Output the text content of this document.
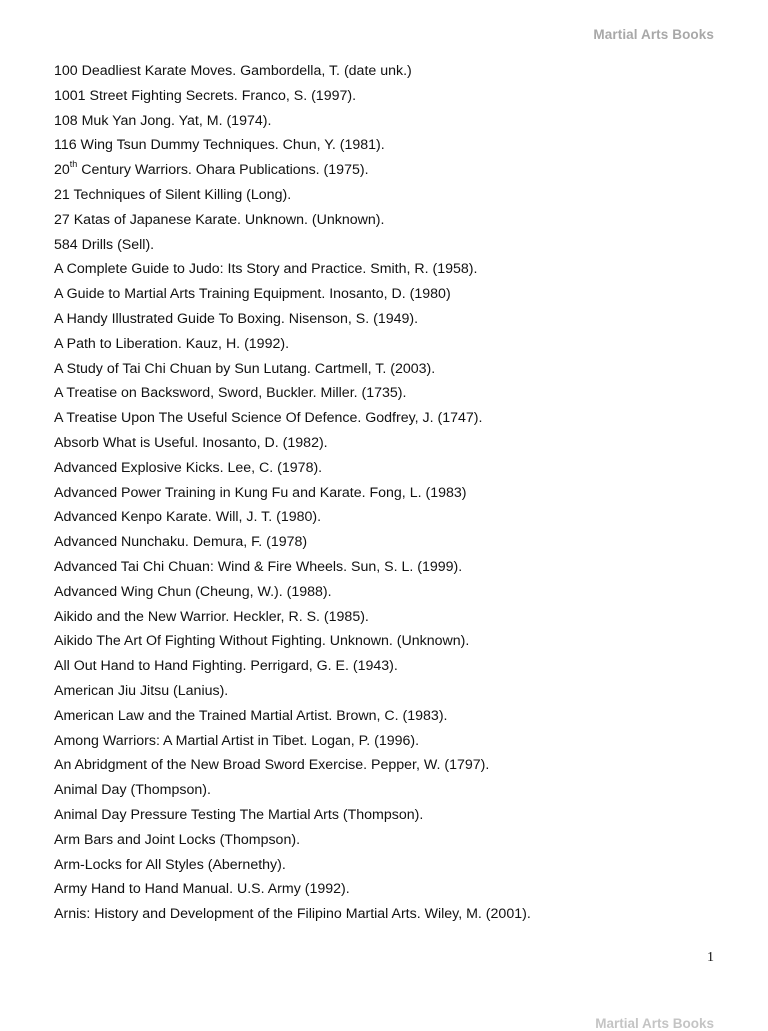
Martial Arts Books
100 Deadliest Karate Moves. Gambordella, T. (date unk.)
1001 Street Fighting Secrets. Franco, S. (1997).
108 Muk Yan Jong. Yat, M. (1974).
116 Wing Tsun Dummy Techniques. Chun, Y. (1981).
20th Century Warriors. Ohara Publications. (1975).
21 Techniques of Silent Killing (Long).
27 Katas of Japanese Karate. Unknown. (Unknown).
584 Drills (Sell).
A Complete Guide to Judo: Its Story and Practice. Smith, R. (1958).
A Guide to Martial Arts Training Equipment. Inosanto, D. (1980)
A Handy Illustrated Guide To Boxing. Nisenson, S. (1949).
A Path to Liberation. Kauz, H. (1992).
A Study of Tai Chi Chuan by Sun Lutang. Cartmell, T. (2003).
A Treatise on Backsword, Sword, Buckler. Miller. (1735).
A Treatise Upon The Useful Science Of Defence. Godfrey, J. (1747).
Absorb What is Useful. Inosanto, D. (1982).
Advanced Explosive Kicks. Lee, C. (1978).
Advanced Power Training in Kung Fu and Karate. Fong, L. (1983)
Advanced Kenpo Karate. Will, J. T. (1980).
Advanced Nunchaku. Demura, F. (1978)
Advanced Tai Chi Chuan: Wind & Fire Wheels. Sun, S. L. (1999).
Advanced Wing Chun (Cheung, W.). (1988).
Aikido and the New Warrior. Heckler, R. S. (1985).
Aikido The Art Of Fighting Without Fighting. Unknown. (Unknown).
All Out Hand to Hand Fighting. Perrigard, G. E. (1943).
American Jiu Jitsu (Lanius).
American Law and the Trained Martial Artist. Brown, C. (1983).
Among Warriors: A Martial Artist in Tibet. Logan, P. (1996).
An Abridgment of the New Broad Sword Exercise. Pepper, W. (1797).
Animal Day (Thompson).
Animal Day Pressure Testing The Martial Arts (Thompson).
Arm Bars and Joint Locks (Thompson).
Arm-Locks for All Styles (Abernethy).
Army Hand to Hand Manual. U.S. Army (1992).
Arnis: History and Development of the Filipino Martial Arts. Wiley, M. (2001).
1
Martial Arts Books
